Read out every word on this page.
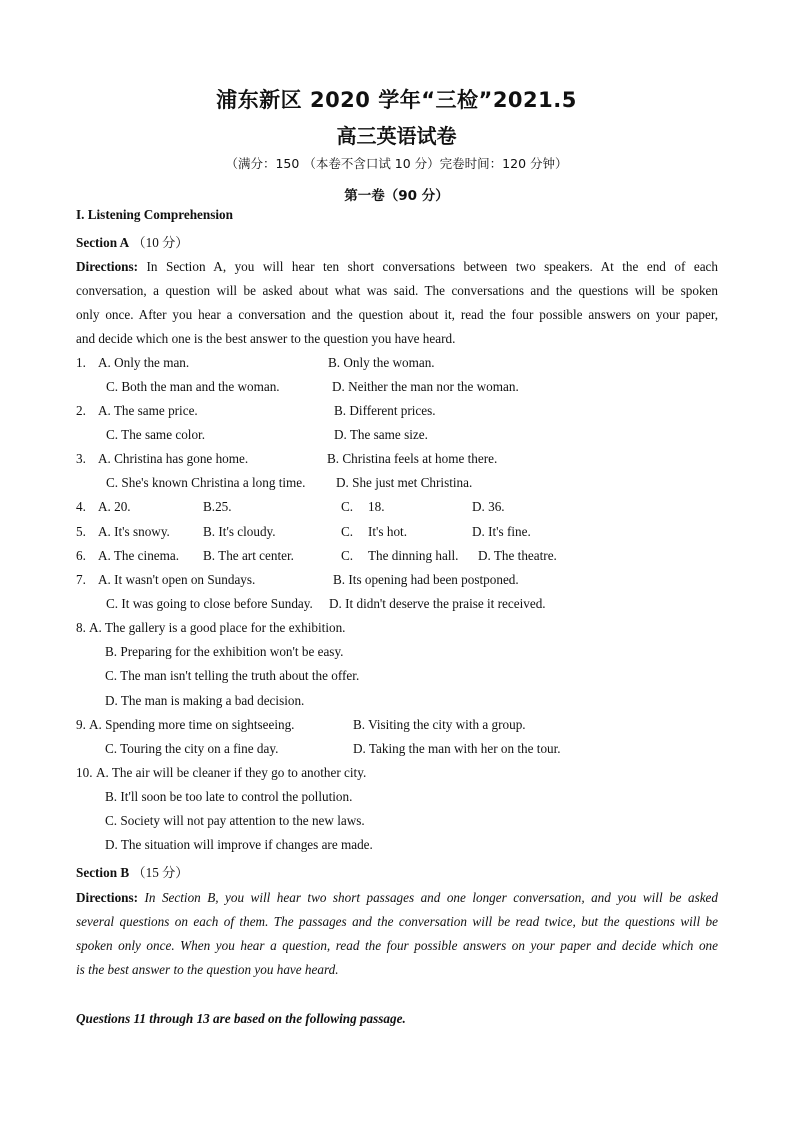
浦东新区 2020 学年“三检”2021.5
高三英语试卷
（满分：150 （本卷不含口试 10 分）完卷时间：120 分钟）
第一卷（90 分）
I. Listening Comprehension
Section A （10 分）
Directions: In Section A, you will hear ten short conversations between two speakers. At the end of each
conversation, a question will be asked about what was said. The conversations and the questions will be spoken
only once. After you hear a conversation and the question about it, read the four possible answers on your paper,
and decide which one is the best answer to the question you have heard.
1. A. Only the man.	B. Only the woman.
C. Both the man and the woman.	D. Neither the man nor the woman.
2. A. The same price.	B. Different prices.
C. The same color.	D. The same size.
3. A. Christina has gone home.	B. Christina feels at home there.
C. She's known Christina a long time. D. She just met Christina.
4. A. 20.	B.25.	C. 18.	D. 36.
5. A. It's snowy.	B. It's cloudy.	C. It's hot.	D. It's fine.
6. A. The cinema. B. The art center.	C. The dinning hall. D. The theatre.
7. A. It wasn't open on Sundays.	B. Its opening had been postponed.
C. It was going to close before Sunday. D. It didn't deserve the praise it received.
8. A. The gallery is a good place for the exhibition.
B. Preparing for the exhibition won't be easy.
C. The man isn't telling the truth about the offer.
D. The man is making a bad decision.
9. A. Spending more time on sightseeing.	B. Visiting the city with a group.
C. Touring the city on a fine day.	D. Taking the man with her on the tour.
10. A. The air will be cleaner if they go to another city.
B. It'll soon be too late to control the pollution.
C. Society will not pay attention to the new laws.
D. The situation will improve if changes are made.
Section B （15 分）
Directions: In Section B, you will hear two short passages and one longer conversation, and you will be asked
several questions on each of them. The passages and the conversation will be read twice, but the questions will be
spoken only once. When you hear a question, read the four possible answers on your paper and decide which one
is the best answer to the question you have heard.
Questions 11 through 13 are based on the following passage.
